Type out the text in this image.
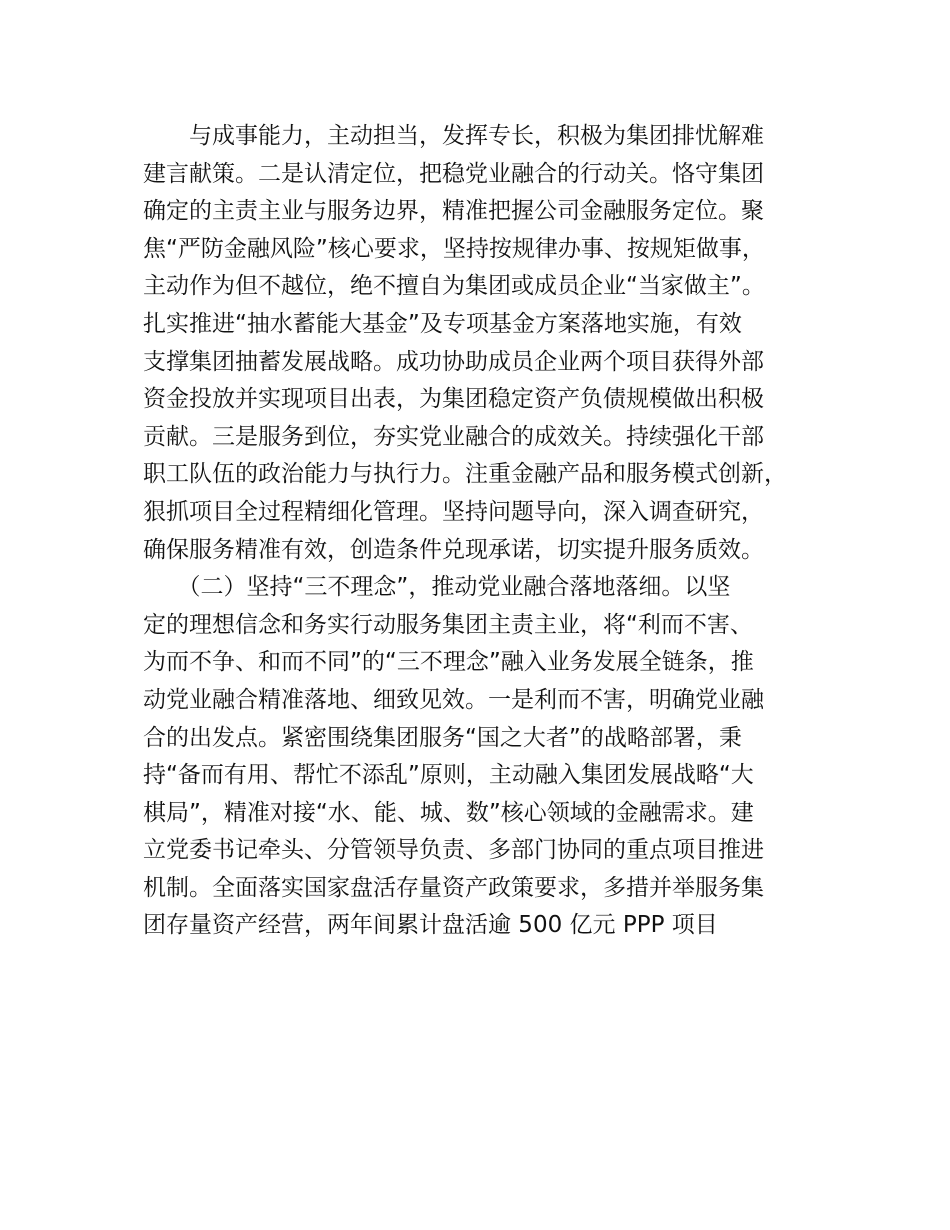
　　与成事能力，主动担当，发挥专长，积极为集团排忧解难
建言献策。二是认清定位，把稳党业融合的行动关。恪守集团
确定的主责主业与服务边界，精准把握公司金融服务定位。聚
焦“严防金融风险”核心要求，坚持按规律办事、按规矩做事，
主动作为但不越位，绝不擅自为集团或成员企业“当家做主”。
扎实推进“抽水蓄能大基金”及专项基金方案落地实施，有效
支撑集团抽蓄发展战略。成功协助成员企业两个项目获得外部
资金投放并实现项目出表，为集团稳定资产负债规模做出积极
贡献。三是服务到位，夯实党业融合的成效关。持续强化干部
职工队伍的政治能力与执行力。注重金融产品和服务模式创新，
狠抓项目全过程精细化管理。坚持问题导向，深入调查研究，
确保服务精准有效，创造条件兑现承诺，切实提升服务质效。
　　（二）坚持“三不理念”，推动党业融合落地落细。以坚
定的理想信念和务实行动服务集团主责主业，将“利而不害、
为而不争、和而不同”的“三不理念”融入业务发展全链条，推
动党业融合精准落地、细致见效。一是利而不害，明确党业融
合的出发点。紧密围绕集团服务“国之大者”的战略部署，秉
持“备而有用、帮忙不添乱”原则，主动融入集团发展战略“大
棋局”，精准对接“水、能、城、数”核心领域的金融需求。建
立党委书记牵头、分管领导负责、多部门协同的重点项目推进
机制。全面落实国家盘活存量资产政策要求，多措并举服务集
团存量资产经营，两年间累计盘活逾 500 亿元 PPP 项目
